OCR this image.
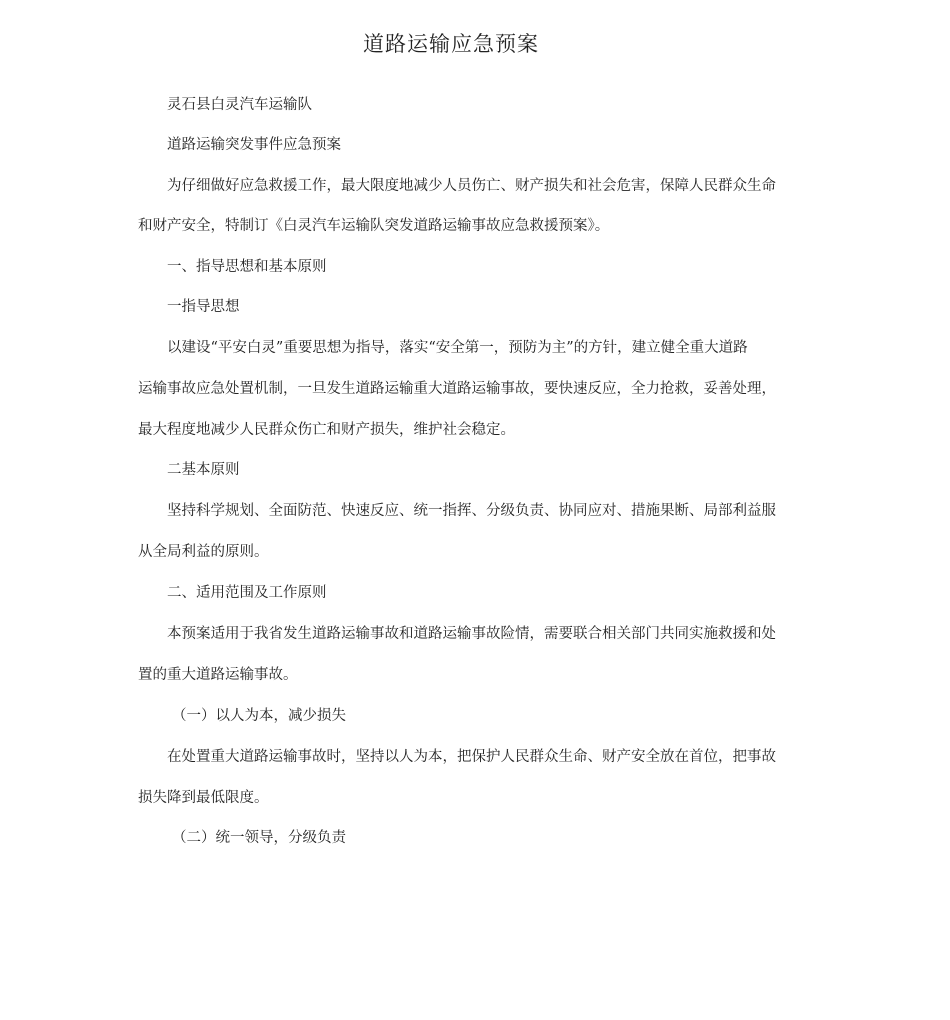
道路运输应急预案
灵石县白灵汽车运输队
道路运输突发事件应急预案
为仔细做好应急救援工作，最大限度地减少人员伤亡、财产损失和社会危害，保障人民群众生命
和财产安全，特制订《白灵汽车运输队突发道路运输事故应急救援预案》。
一、指导思想和基本原则
一指导思想
以建设“平安白灵”重要思想为指导，落实“安全第一，预防为主”的方针，建立健全重大道路
运输事故应急处置机制，一旦发生道路运输重大道路运输事故，要快速反应，全力抢救，妥善处理，
最大程度地减少人民群众伤亡和财产损失，维护社会稳定。
二基本原则
坚持科学规划、全面防范、快速反应、统一指挥、分级负责、协同应对、措施果断、局部利益服
从全局利益的原则。
二、适用范围及工作原则
本预案适用于我省发生道路运输事故和道路运输事故险情，需要联合相关部门共同实施救援和处
置的重大道路运输事故。
（一）以人为本，减少损失
在处置重大道路运输事故时，坚持以人为本，把保护人民群众生命、财产安全放在首位，把事故
损失降到最低限度。
（二）统一领导，分级负责
